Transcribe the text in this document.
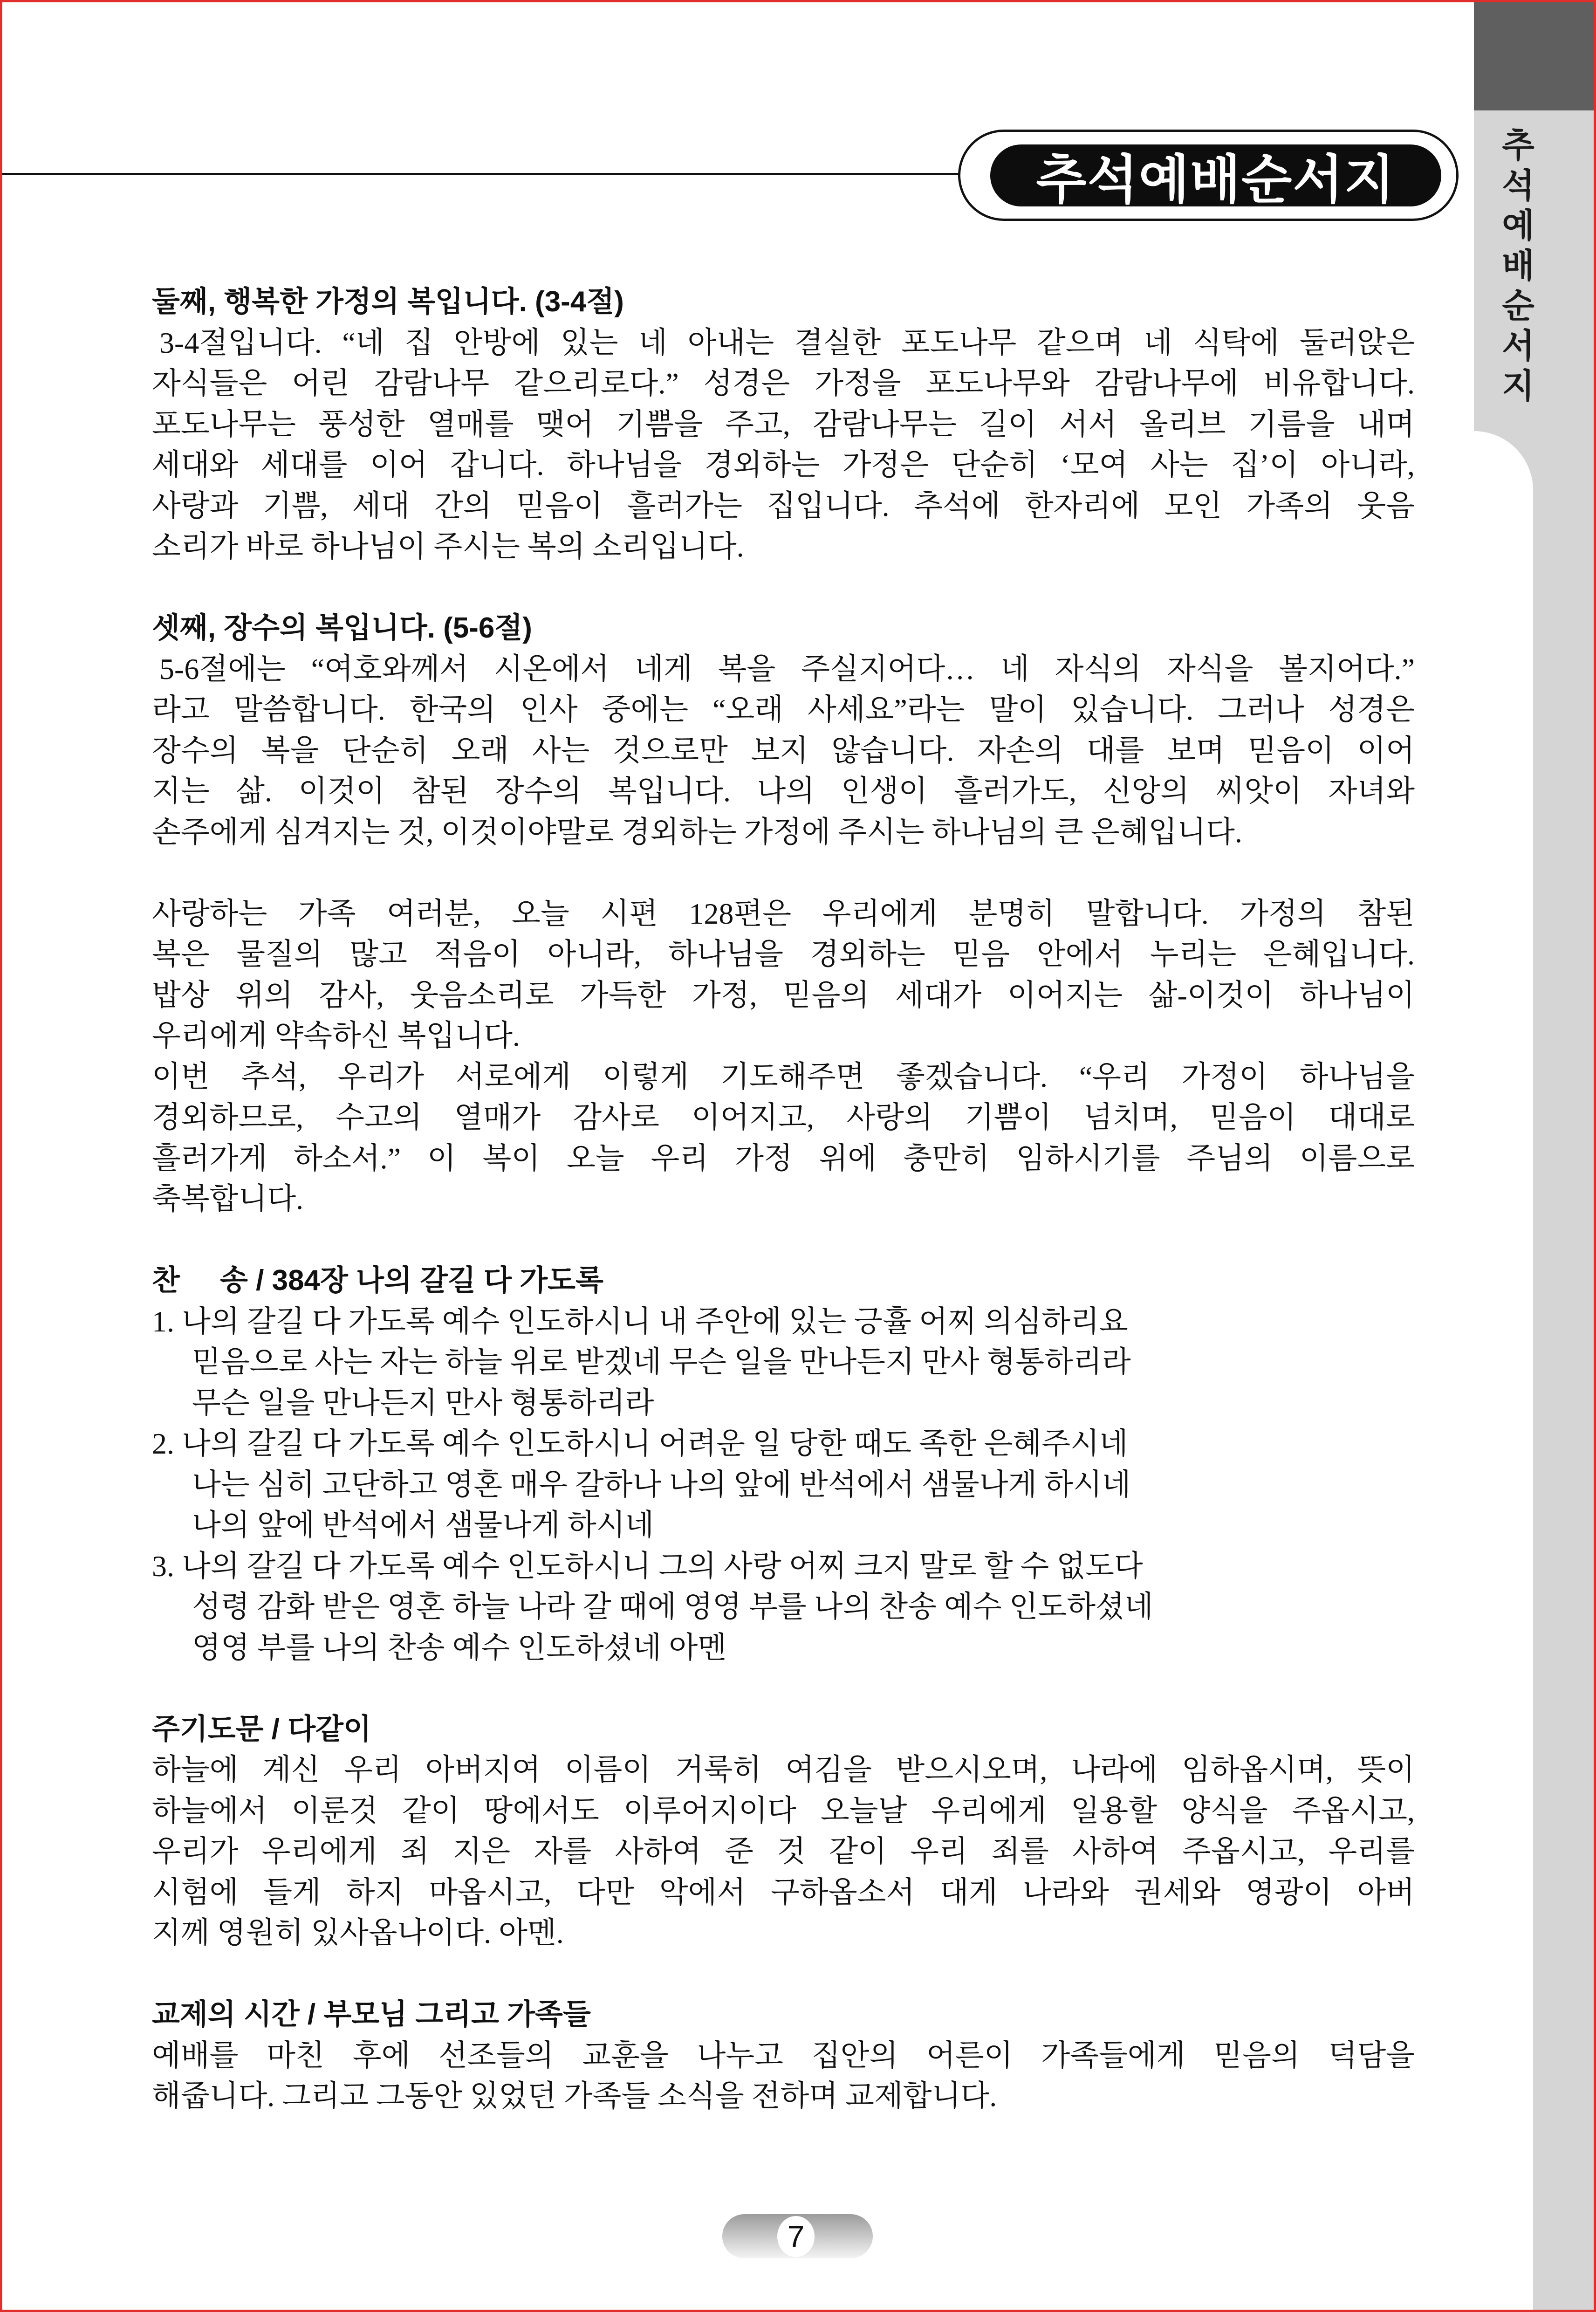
추
석
예
배
순
서
지
추석예배순서지
둘째, 행복한 가정의 복입니다. (3-4절)
3-4절입니다. “네 집 안방에 있는 네 아내는 결실한 포도나무 같으며 네 식탁에 둘러앉은
자식들은 어린 감람나무 같으리로다.” 성경은 가정을 포도나무와 감람나무에 비유합니다.
포도나무는 풍성한 열매를 맺어 기쁨을 주고, 감람나무는 길이 서서 올리브 기름을 내며
세대와 세대를 이어 갑니다. 하나님을 경외하는 가정은 단순히 ‘모여 사는 집’이 아니라,
사랑과 기쁨, 세대 간의 믿음이 흘러가는 집입니다. 추석에 한자리에 모인 가족의 웃음
소리가 바로 하나님이 주시는 복의 소리입니다.
셋째, 장수의 복입니다. (5-6절)
5-6절에는 “여호와께서 시온에서 네게 복을 주실지어다… 네 자식의 자식을 볼지어다.”
라고 말씀합니다. 한국의 인사 중에는 “오래 사세요”라는 말이 있습니다. 그러나 성경은
장수의 복을 단순히 오래 사는 것으로만 보지 않습니다. 자손의 대를 보며 믿음이 이어
지는 삶. 이것이 참된 장수의 복입니다. 나의 인생이 흘러가도, 신앙의 씨앗이 자녀와
손주에게 심겨지는 것, 이것이야말로 경외하는 가정에 주시는 하나님의 큰 은혜입니다.
사랑하는 가족 여러분, 오늘 시편 128편은 우리에게 분명히 말합니다. 가정의 참된
복은 물질의 많고 적음이 아니라, 하나님을 경외하는 믿음 안에서 누리는 은혜입니다.
밥상 위의 감사, 웃음소리로 가득한 가정, 믿음의 세대가 이어지는 삶-이것이 하나님이
우리에게 약속하신 복입니다.
이번 추석, 우리가 서로에게 이렇게 기도해주면 좋겠습니다. “우리 가정이 하나님을
경외하므로, 수고의 열매가 감사로 이어지고, 사랑의 기쁨이 넘치며, 믿음이 대대로
흘러가게 하소서.” 이 복이 오늘 우리 가정 위에 충만히 임하시기를 주님의 이름으로
축복합니다.
찬     송 / 384장 나의 갈길 다 가도록
1. 나의 갈길 다 가도록 예수 인도하시니 내 주안에 있는 긍휼 어찌 의심하리요
믿음으로 사는 자는 하늘 위로 받겠네 무슨 일을 만나든지 만사 형통하리라
무슨 일을 만나든지 만사 형통하리라
2. 나의 갈길 다 가도록 예수 인도하시니 어려운 일 당한 때도 족한 은혜주시네
나는 심히 고단하고 영혼 매우 갈하나 나의 앞에 반석에서 샘물나게 하시네
나의 앞에 반석에서 샘물나게 하시네
3. 나의 갈길 다 가도록 예수 인도하시니 그의 사랑 어찌 크지 말로 할 수 없도다
성령 감화 받은 영혼 하늘 나라 갈 때에 영영 부를 나의 찬송 예수 인도하셨네
영영 부를 나의 찬송 예수 인도하셨네 아멘
주기도문 / 다같이
하늘에 계신 우리 아버지여 이름이 거룩히 여김을 받으시오며, 나라에 임하옵시며, 뜻이
하늘에서 이룬것 같이 땅에서도 이루어지이다 오늘날 우리에게 일용할 양식을 주옵시고,
우리가 우리에게 죄 지은 자를 사하여 준 것 같이 우리 죄를 사하여 주옵시고, 우리를
시험에 들게 하지 마옵시고, 다만 악에서 구하옵소서 대게 나라와 권세와 영광이 아버
지께 영원히 있사옵나이다. 아멘.
교제의 시간 / 부모님 그리고 가족들
예배를 마친 후에 선조들의 교훈을 나누고 집안의 어른이 가족들에게 믿음의 덕담을
해줍니다. 그리고 그동안 있었던 가족들 소식을 전하며 교제합니다.
7
